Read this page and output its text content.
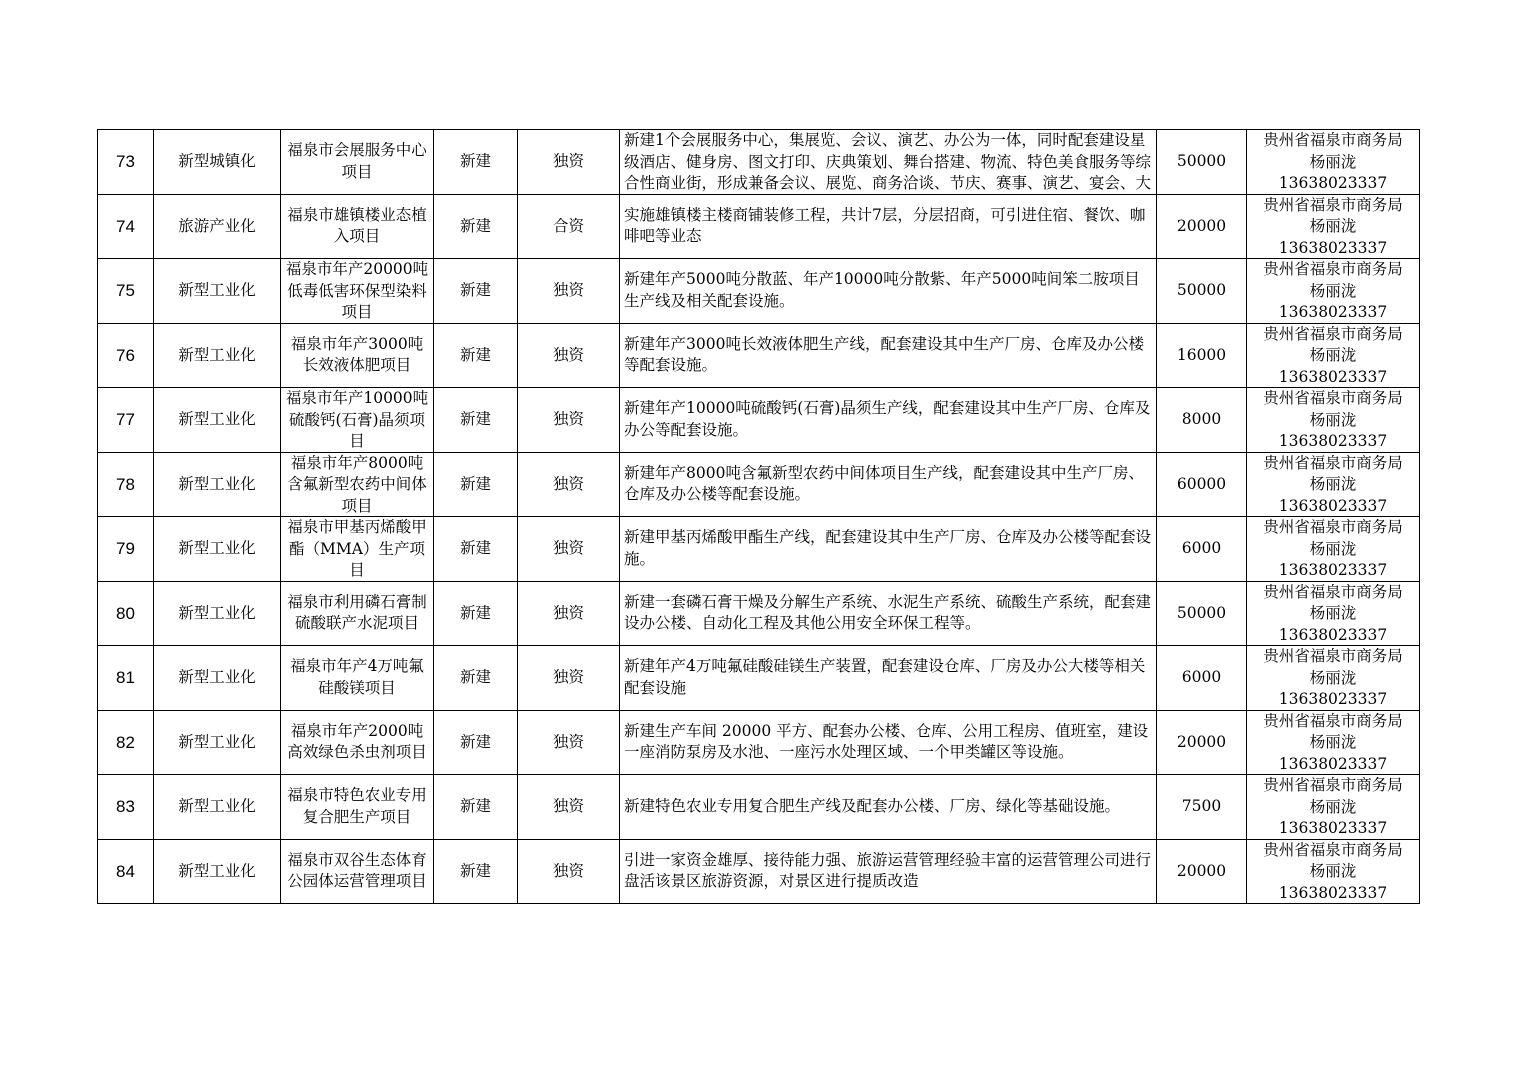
73	新型城镇化	福泉市会展服务中心项目	新建	独资	新建1个会展服务中心，集展览、会议、演艺、办公为一体，同时配套建设星级酒店、健身房、图文打印、庆典策划、舞台搭建、物流、特色美食服务等综合性商业街，形成兼备会议、展览、商务洽谈、节庆、赛事、演艺、宴会、大	50000	贵州省福泉市商务局
杨丽泷
13638023337

74	旅游产业化	福泉市雄镇楼业态植入项目	新建	合资	实施雄镇楼主楼商铺装修工程，共计7层，分层招商，可引进住宿、餐饮、咖啡吧等业态	20000	贵州省福泉市商务局
杨丽泷
13638023337

75	新型工业化	福泉市年产20000吨低毒低害环保型染料项目	新建	独资	新建年产5000吨分散蓝、年产10000吨分散紫、年产5000吨间笨二胺项目生产线及相关配套设施。	50000	贵州省福泉市商务局
杨丽泷
13638023337

76	新型工业化	福泉市年产3000吨长效液体肥项目	新建	独资	新建年产3000吨长效液体肥生产线，配套建设其中生产厂房、仓库及办公楼等配套设施。	16000	贵州省福泉市商务局
杨丽泷
13638023337

77	新型工业化	福泉市年产10000吨硫酸钙(石膏)晶须项目	新建	独资	新建年产10000吨硫酸钙(石膏)晶须生产线，配套建设其中生产厂房、仓库及办公等配套设施。	8000	贵州省福泉市商务局
杨丽泷
13638023337

78	新型工业化	福泉市年产8000吨含氟新型农药中间体项目	新建	独资	新建年产8000吨含氟新型农药中间体项目生产线，配套建设其中生产厂房、仓库及办公楼等配套设施。	60000	贵州省福泉市商务局
杨丽泷
13638023337

79	新型工业化	福泉市甲基丙烯酸甲酯（MMA）生产项目	新建	独资	新建甲基丙烯酸甲酯生产线，配套建设其中生产厂房、仓库及办公楼等配套设施。	6000	贵州省福泉市商务局
杨丽泷
13638023337

80	新型工业化	福泉市利用磷石膏制硫酸联产水泥项目	新建	独资	新建一套磷石膏干燥及分解生产系统、水泥生产系统、硫酸生产系统，配套建设办公楼、自动化工程及其他公用安全环保工程等。	50000	贵州省福泉市商务局
杨丽泷
13638023337

81	新型工业化	福泉市年产4万吨氟硅酸镁项目	新建	独资	新建年产4万吨氟硅酸硅镁生产装置，配套建设仓库、厂房及办公大楼等相关配套设施	6000	贵州省福泉市商务局
杨丽泷
13638023337

82	新型工业化	福泉市年产2000吨高效绿色杀虫剂项目	新建	独资	新建生产车间 20000 平方、配套办公楼、仓库、公用工程房、值班室，建设一座消防泵房及水池、一座污水处理区域、一个甲类罐区等设施。	20000	贵州省福泉市商务局
杨丽泷
13638023337

83	新型工业化	福泉市特色农业专用复合肥生产项目	新建	独资	新建特色农业专用复合肥生产线及配套办公楼、厂房、绿化等基础设施。	7500	贵州省福泉市商务局
杨丽泷
13638023337

84	新型工业化	福泉市双谷生态体育公园体运营管理项目	新建	独资	引进一家资金雄厚、接待能力强、旅游运营管理经验丰富的运营管理公司进行盘活该景区旅游资源，对景区进行提质改造	20000	贵州省福泉市商务局
杨丽泷
13638023337
